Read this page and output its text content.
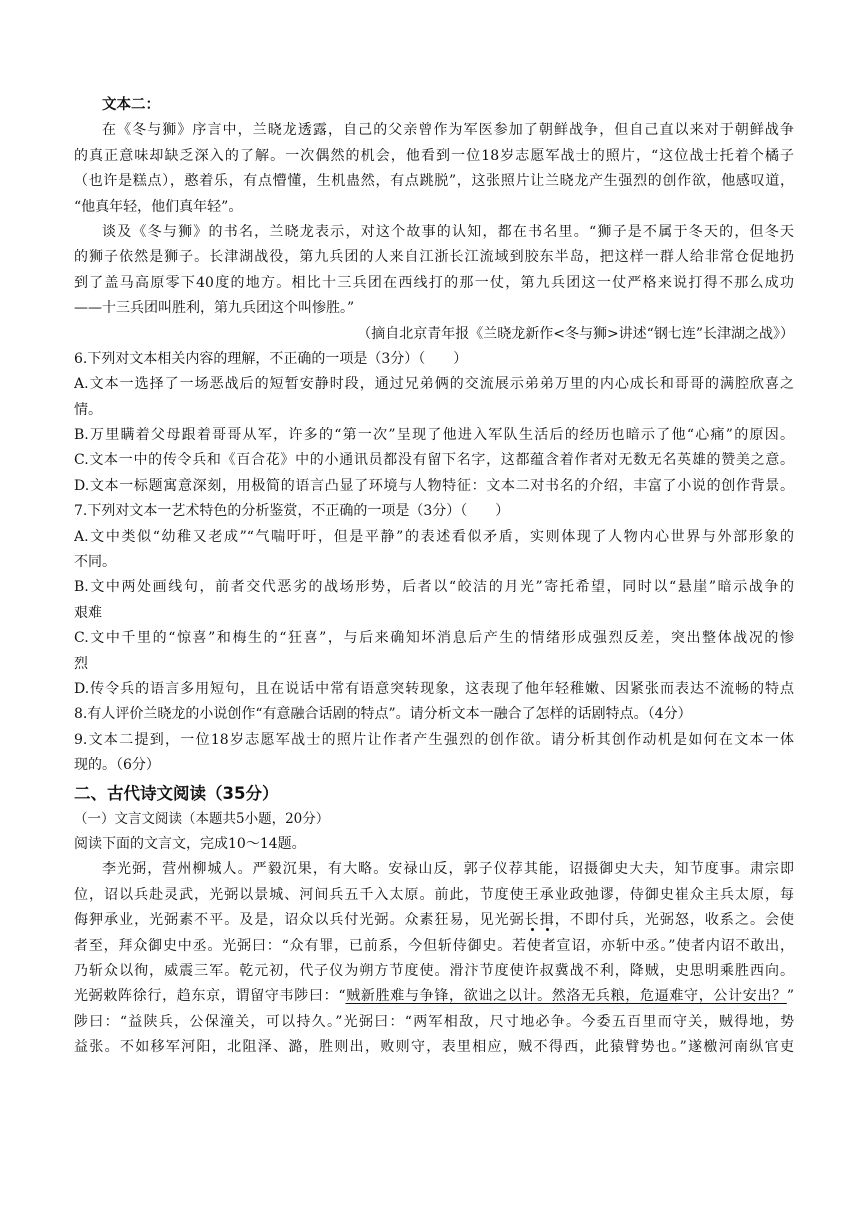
文本二：
在《冬与狮》序言中，兰晓龙透露，自己的父亲曾作为军医参加了朝鲜战争，但自己直以来对于朝鲜战争
的真正意味却缺乏深入的了解。一次偶然的机会，他看到一位18岁志愿军战士的照片，“这位战士托着个橘子
（也许是糕点），憨着乐，有点懵懂，生机蛊然，有点跳脱”，这张照片让兰晓龙产生强烈的创作欲，他感叹道，
“他真年轻，他们真年轻”。
谈及《冬与狮》的书名，兰晓龙表示，对这个故事的认知，都在书名里。“狮子是不属于冬天的，但冬天
的狮子依然是狮子。长津湖战役，第九兵团的人来自江浙长江流域到胶东半岛，把这样一群人给非常仓促地扔
到了盖马高原零下40度的地方。相比十三兵团在西线打的那一仗，第九兵团这一仗严格来说打得不那么成功
——十三兵团叫胜利，第九兵团这个叫惨胜。”
（摘自北京青年报《兰晓龙新作<冬与狮>讲述“钢七连”长津湖之战》）
6.下列对文本相关内容的理解，不正确的一项是（3分）（　　）
A.文本一选择了一场恶战后的短暂安静时段，通过兄弟俩的交流展示弟弟万里的内心成长和哥哥的满腔欣喜之
情。
B.万里瞒着父母跟着哥哥从军，许多的“第一次”呈现了他进入军队生活后的经历也暗示了他“心痛”的原因。
C.文本一中的传令兵和《百合花》中的小通讯员都没有留下名字，这都蕴含着作者对无数无名英雄的赞美之意。
D.文本一标题寓意深刻，用极简的语言凸显了环境与人物特征：文本二对书名的介绍，丰富了小说的创作背景。
7.下列对文本一艺术特色的分析鉴赏，不正确的一项是（3分）（　　）
A.文中类似“幼稚又老成”“气喘吁吁，但是平静”的表述看似矛盾，实则体现了人物内心世界与外部形象的
不同。
B.文中两处画线句，前者交代恶劣的战场形势，后者以“皎洁的月光”寄托希望，同时以“悬崖”暗示战争的
艰难
C.文中千里的“惊喜”和梅生的“狂喜”，与后来确知坏消息后产生的情绪形成强烈反差，突出整体战况的惨
烈
D.传令兵的语言多用短句，且在说话中常有语意突转现象，这表现了他年轻稚嫩、因紧张而表达不流畅的特点
8.有人评价兰晓龙的小说创作“有意融合话剧的特点”。请分析文本一融合了怎样的话剧特点。（4分）
9.文本二提到，一位18岁志愿军战士的照片让作者产生强烈的创作欲。请分析其创作动机是如何在文本一体
现的。（6分）
二、古代诗文阅读（35分）
（一）文言文阅读（本题共5小题，20分）
阅读下面的文言文，完成10～14题。
李光弼，营州柳城人。严毅沉果，有大略。安禄山反，郭子仪荐其能，诏摄御史大夫，知节度事。肃宗即
位，诏以兵赴灵武，光弼以景城、河间兵五千入太原。前此，节度使王承业政弛谬，侍御史崔众主兵太原，每
侮狎承业，光弼素不平。及是，诏众以兵付光弼。众素狂易，见光弼长揖，不即付兵，光弼怒，收系之。会使
者至，拜众御史中丞。光弼曰：“众有罪，已前系，今但斩侍御史。若使者宣诏，亦斩中丞。”使者内诏不敢出，
乃斩众以徇，威震三军。乾元初，代子仪为朔方节度使。滑汴节度使许叔冀战不利，降贼，史思明乘胜西向。
光弼敕阵徐行，趋东京，谓留守韦陟曰：“贼新胜难与争锋，欲诎之以计。然洛无兵粮，危逼难守，公计安出？”
陟曰：“益陕兵，公保潼关，可以持久。”光弼曰：“两军相敌，尺寸地必争。今委五百里而守关，贼得地，势
益张。不如移军河阳，北阻泽、潞，胜则出，败则守，表里相应，贼不得西，此猿臂势也。”遂檄河南纵官吏
